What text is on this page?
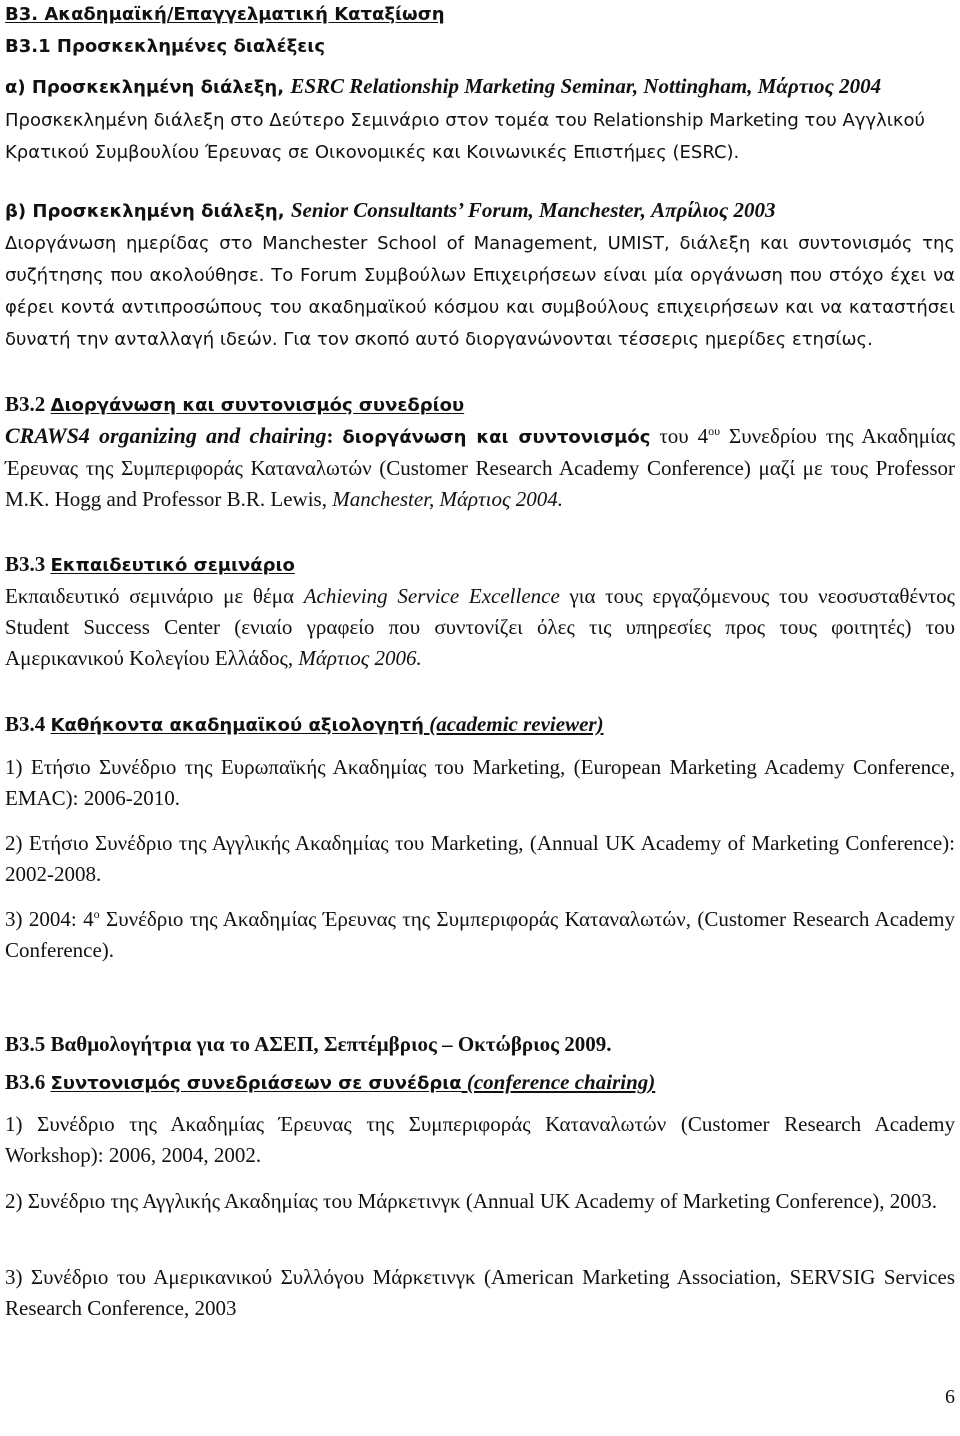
Β3. Ακαδημαϊκή/Επαγγελματική Καταξίωση
Β3.1 Προσκεκλημένες διαλέξεις
α) Προσκεκλημένη διάλεξη, ESRC Relationship Marketing Seminar, Nottingham, Μάρτιος 2004
Προσκεκλημένη διάλεξη στο Δεύτερο Σεμινάριο στον τομέα του Relationship Marketing του Αγγλικού
Κρατικού Συμβουλίου Έρευνας σε Οικονομικές και Κοινωνικές Επιστήμες (ESRC).
β) Προσκεκλημένη διάλεξη, Senior Consultants’ Forum, Manchester, Απρίλιος 2003
Διοργάνωση ημερίδας στο Manchester School of Management, UMIST, διάλεξη και συντονισμός της συζήτησης που ακολούθησε. Το Forum Συμβούλων Επιχειρήσεων είναι μία οργάνωση που στόχο έχει να φέρει κοντά αντιπροσώπους του ακαδημαϊκού κόσμου και συμβούλους επιχειρήσεων και να καταστήσει δυνατή την ανταλλαγή ιδεών. Για τον σκοπό αυτό διοργανώνονται τέσσερις ημερίδες ετησίως.
Β3.2 Διοργάνωση και συντονισμός συνεδρίου
CRAWS4 organizing and chairing: διοργάνωση και συντονισμός του $4^{o\upsilon}$ Συνεδρίου της Ακαδημίας Έρευνας της Συμπεριφοράς Καταναλωτών (Customer Research Academy Conference) μαζί με τους Professor M.K. Hogg and Professor B.R. Lewis, Manchester, Μάρτιος 2004.
Β3.3 Εκπαιδευτικό σεμινάριο
Εκπαιδευτικό σεμινάριο με θέμα Achieving Service Excellence για τους εργαζόμενους του νεοσυσταθέντος Student Success Center (ενιαίο γραφείο που συντονίζει όλες τις υπηρεσίες προς τους φοιτητές) του Αμερικανικού Κολεγίου Ελλάδος, Μάρτιος 2006.
Β3.4 Καθήκοντα ακαδημαϊκού αξιολογητή (academic reviewer)
1) Ετήσιο Συνέδριο της Ευρωπαϊκής Ακαδημίας του Marketing, (European Marketing Academy Conference, EMAC): 2006-2010.
2) Ετήσιο Συνέδριο της Αγγλικής Ακαδημίας του Marketing, (Annual UK Academy of Marketing Conference): 2002-2008.
3) 2004: $4^o$ Συνέδριο της Ακαδημίας Έρευνας της Συμπεριφοράς Καταναλωτών, (Customer Research Academy Conference).
Β3.5 Βαθμολογήτρια για το ΑΣΕΠ, Σεπτέμβριος – Οκτώβριος 2009.
Β3.6 Συντονισμός συνεδριάσεων σε συνέδρια (conference chairing)
1) Συνέδριο της Ακαδημίας Έρευνας της Συμπεριφοράς Καταναλωτών (Customer Research Academy Workshop): 2006, 2004, 2002.
2) Συνέδριο της Αγγλικής Ακαδημίας του Μάρκετινγκ (Annual UK Academy of Marketing Conference), 2003.
3) Συνέδριο του Αμερικανικού Συλλόγου Μάρκετινγκ (American Marketing Association, SERVSIG Services Research Conference, 2003
6
